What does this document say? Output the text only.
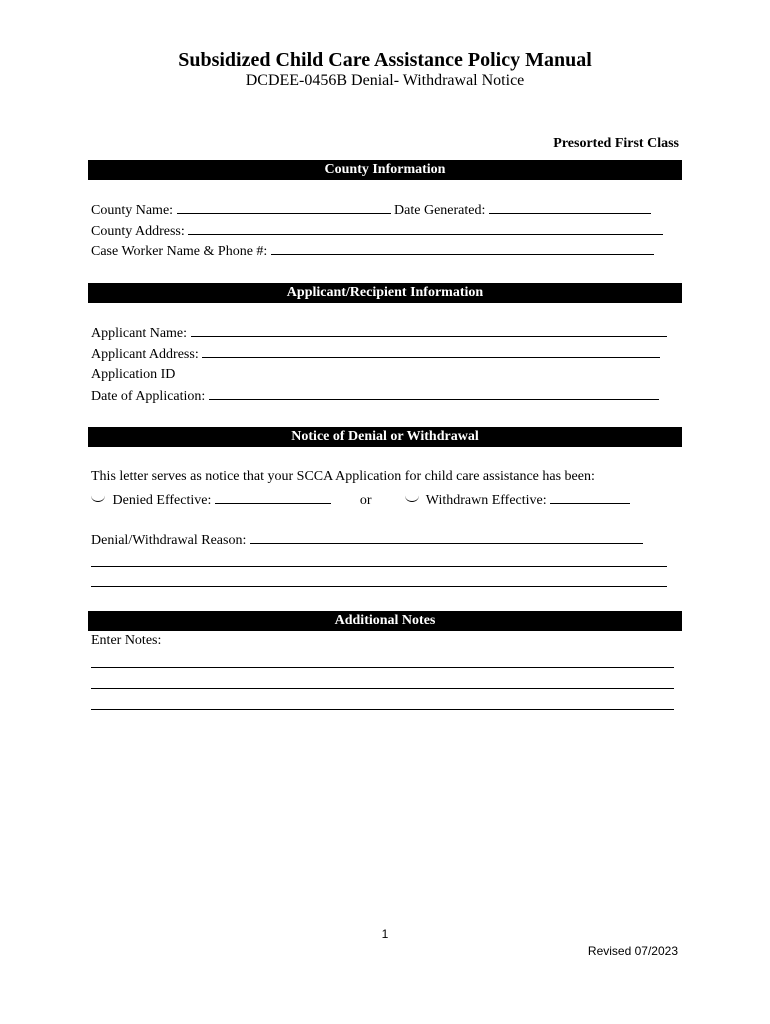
Subsidized Child Care Assistance Policy Manual
DCDEE-0456B Denial- Withdrawal Notice
Presorted First Class
County Information
County Name:	Date Generated:
County Address:
Case Worker Name & Phone #:
Applicant/Recipient Information
Applicant Name:
Applicant Address:
Application ID
Date of Application:
Notice of Denial or Withdrawal
This letter serves as notice that your SCCA Application for child care assistance has been:
Denied Effective:	or	Withdrawn Effective:
Denial/Withdrawal Reason:
Additional Notes
Enter Notes:
1
Revised 07/2023
